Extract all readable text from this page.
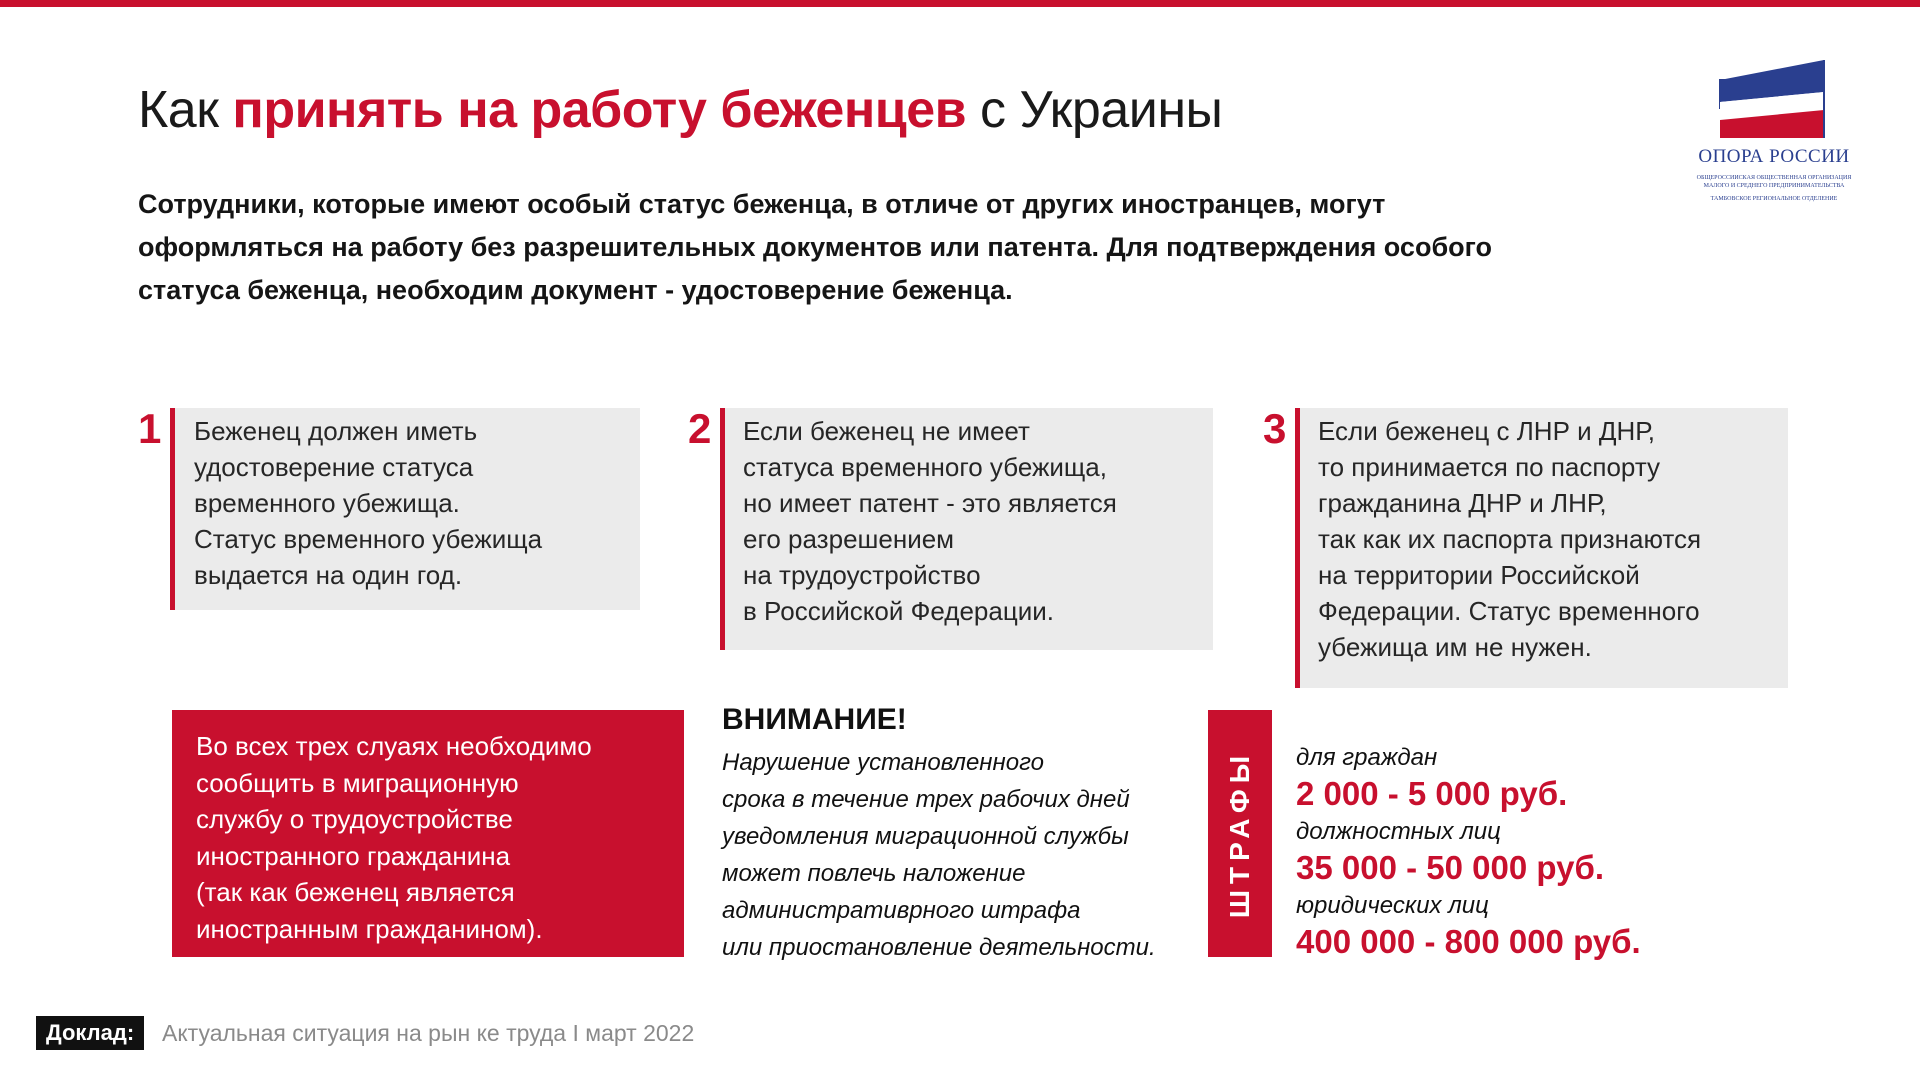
Как принять на работу беженцев с Украины
ОПОРА РОССИИ
ОБЩЕРОССИЙСКАЯ ОБЩЕСТВЕННАЯ ОРГАНИЗАЦИЯ
МАЛОГО И СРЕДНЕГО ПРЕДПРИНИМАТЕЛЬСТВА
ТАМБОВСКОЕ РЕГИОНАЛЬНОЕ ОТДЕЛЕНИЕ

Сотрудники, которые имеют особый статус беженца, в отличе от других иностранцев, могут оформляться на работу без разрешительных документов или патента. Для подтверждения особого статуса беженца, необходим документ - удостоверение беженца.

1 Беженец должен иметь
удостоверение статуса
временного убежища.
Статус временного убежища
выдается на один год.
2 Если беженец не имеет
статуса временного убежища,
но имеет патент - это является
его разрешением
на трудоустройство
в Российской Федерации.
3 Если беженец с ЛНР и ДНР,
то принимается по паспорту
гражданина ДНР и ЛНР,
так как их паспорта признаются
на территории Российской
Федерации. Статус временного
убежища им не нужен.
Во всех трех слуаях необходимо
сообщить в миграционную
службу о трудоустройстве
иностранного гражданина
(так как беженец является
иностранным гражданином).
ВНИМАНИЕ!
Нарушение установленного
срока в течение трех рабочих дней
уведомления миграционной службы
может повлечь наложение
административрного штрафа
или приостановление деятельности.
ШТРАФЫ для граждан
2 000 - 5 000 руб.
должностных лиц
35 000 - 50 000 руб.
юридических лиц
400 000 - 800 000 руб.
Доклад:	Актуальная ситуация на рын ке труда I март 2022
